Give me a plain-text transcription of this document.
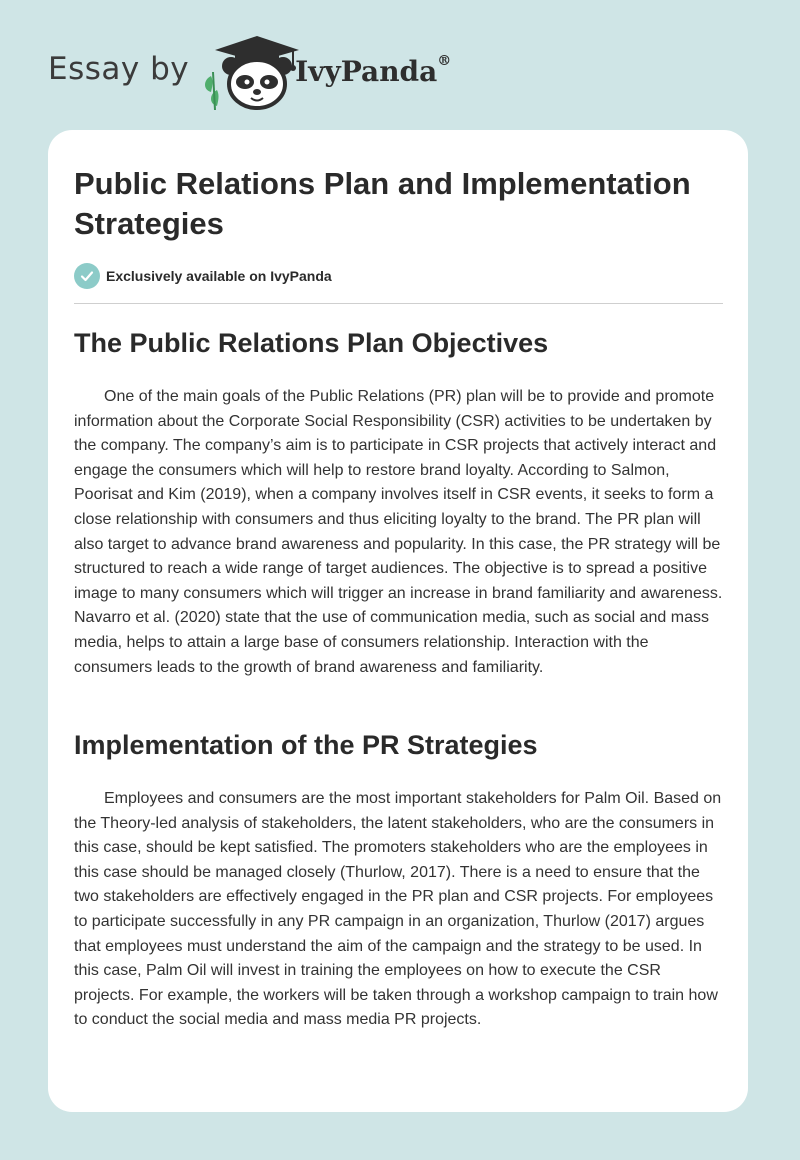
Essay by	IvyPanda®
Public Relations Plan and Implementation Strategies
Exclusively available on IvyPanda
The Public Relations Plan Objectives

One of the main goals of the Public Relations (PR) plan will be to provide and promote information about the Corporate Social Responsibility (CSR) activities to be undertaken by the company. The company’s aim is to participate in CSR projects that actively interact and engage the consumers which will help to restore brand loyalty. According to Salmon, Poorisat and Kim (2019), when a company involves itself in CSR events, it seeks to form a close relationship with consumers and thus eliciting loyalty to the brand. The PR plan will also target to advance brand awareness and popularity. In this case, the PR strategy will be structured to reach a wide range of target audiences. The objective is to spread a positive image to many consumers which will trigger an increase in brand familiarity and awareness. Navarro et al. (2020) state that the use of communication media, such as social and mass media, helps to attain a large base of consumers relationship. Interaction with the consumers leads to the growth of brand awareness and familiarity.

Implementation of the PR Strategies

Employees and consumers are the most important stakeholders for Palm Oil. Based on the Theory-led analysis of stakeholders, the latent stakeholders, who are the consumers in this case, should be kept satisfied. The promoters stakeholders who are the employees in this case should be managed closely (Thurlow, 2017). There is a need to ensure that the two stakeholders are effectively engaged in the PR plan and CSR projects. For employees to participate successfully in any PR campaign in an organization, Thurlow (2017) argues that employees must understand the aim of the campaign and the strategy to be used. In this case, Palm Oil will invest in training the employees on how to execute the CSR projects. For example, the workers will be taken through a workshop campaign to train how to conduct the social media and mass media PR projects.
